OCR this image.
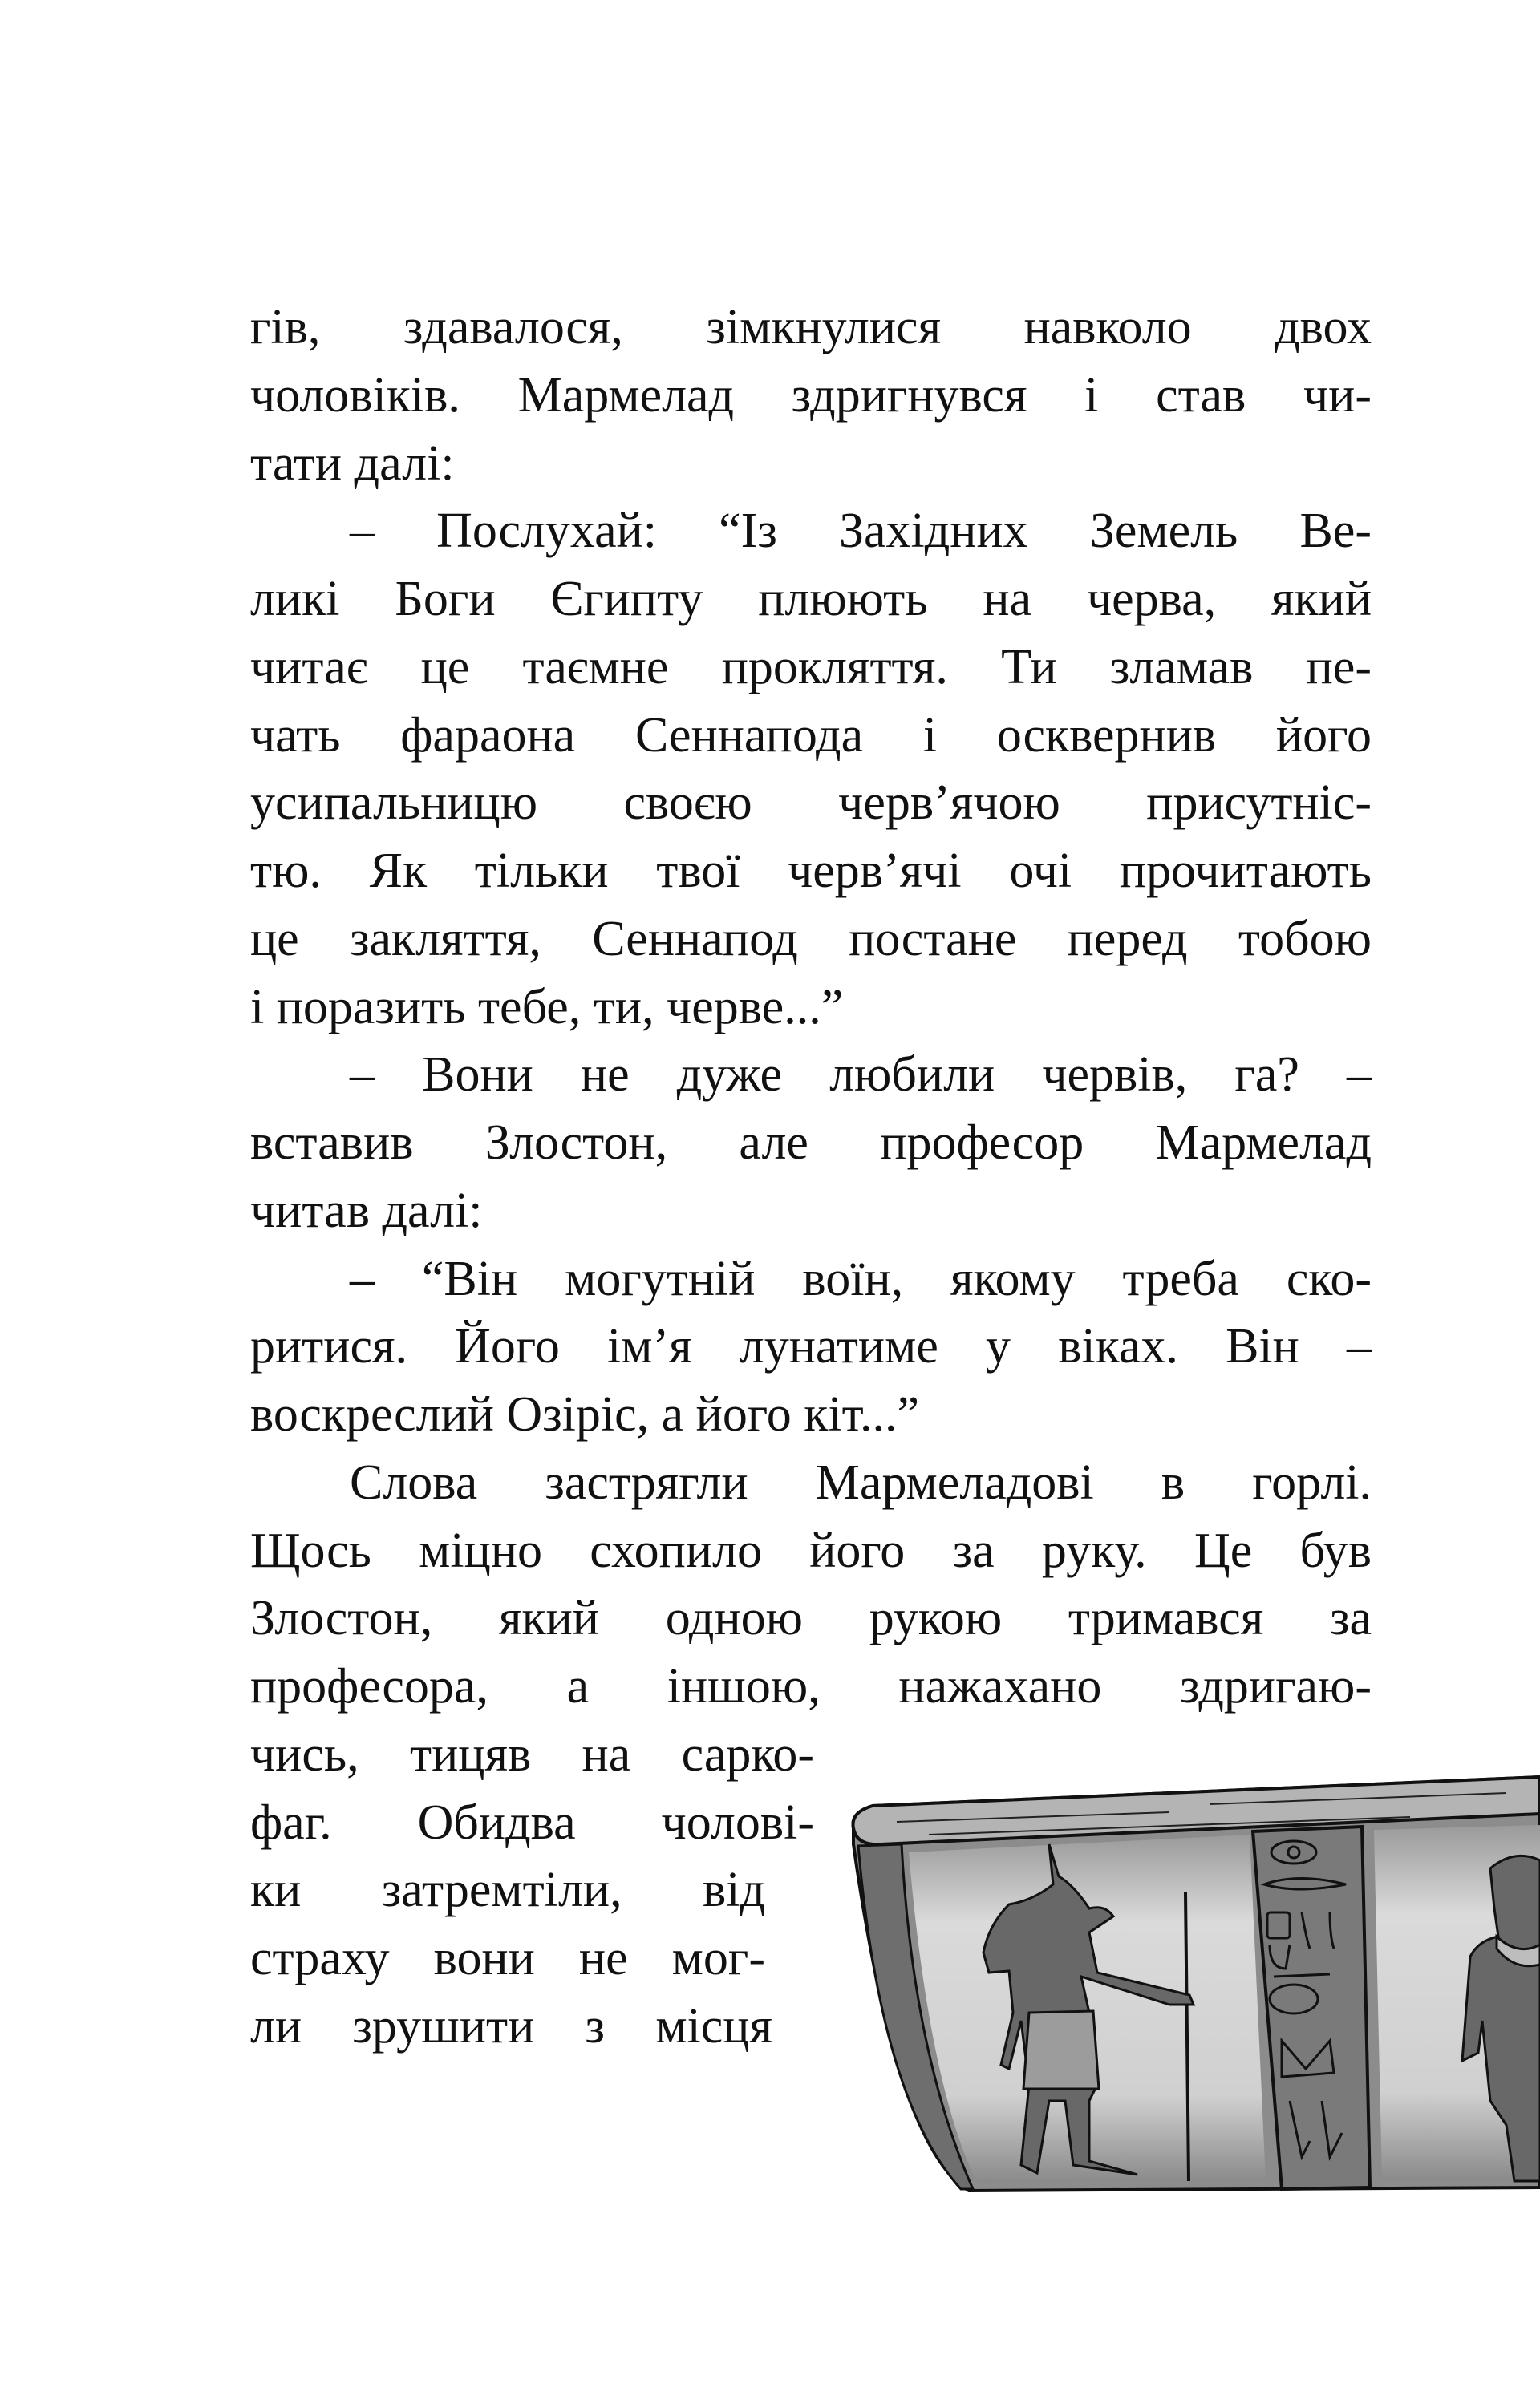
гів, здавалося, зімкнулися навколо двох
чоловіків. Мармелад здригнувся і став чи-
тати далі:
– Послухай: “Із Західних Земель Ве-
ликі Боги Єгипту плюють на черва, який
читає це таємне прокляття. Ти зламав пе-
чать фараона Сеннапода і осквернив його
усипальницю своєю черв’ячою присутніс-
тю. Як тільки твої черв’ячі очі прочитають
це закляття, Сеннапод постане перед тобою
і поразить тебе, ти, черве...”
– Вони не дуже любили червів, га? –
вставив Злостон, але професор Мармелад
читав далі:
– “Він могутній воїн, якому треба ско-
ритися. Його ім’я лунатиме у віках. Він –
воскреслий Озіріс, а його кіт...”
Слова застрягли Мармеладові в горлі.
Щось міцно схопило його за руку. Це був
Злостон, який одною рукою тримався за
професора, а іншою, нажахано здригаю-
чись, тицяв на сарко-
фаг. Обидва чолові-
ки затремтіли, від
страху вони не мог-
ли зрушити з місця
